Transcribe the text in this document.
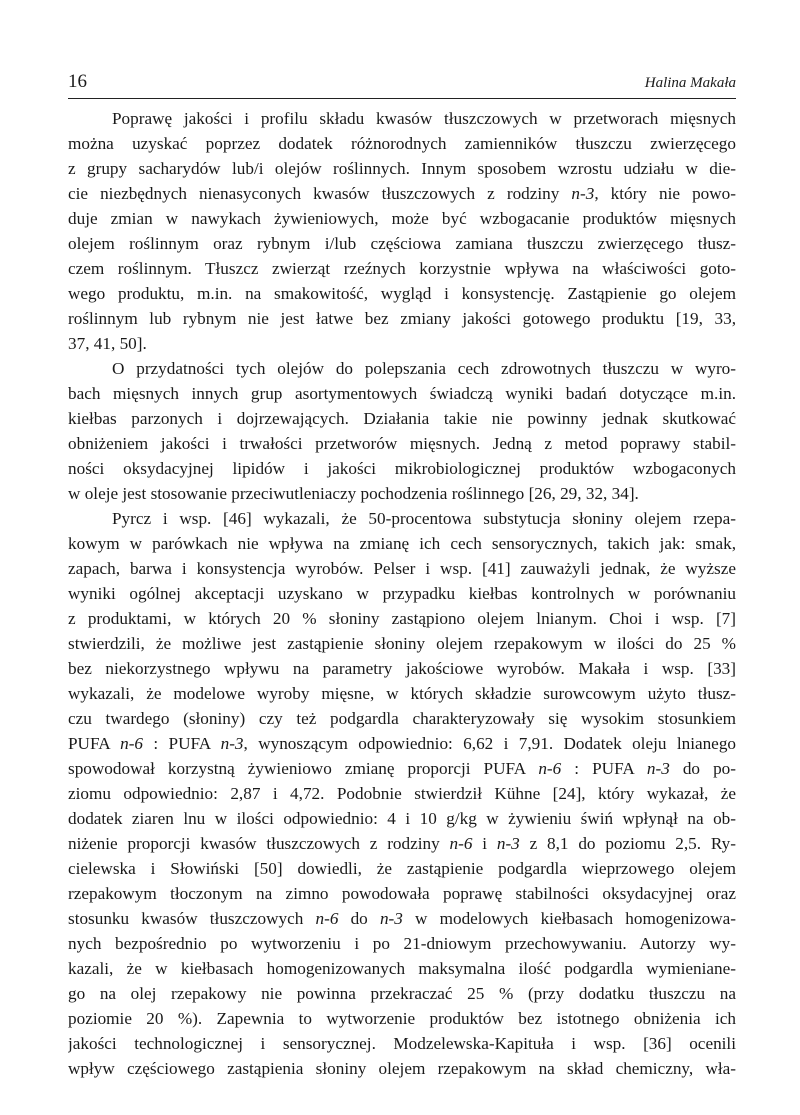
16	Halina Makała

Poprawę jakości i profilu składu kwasów tłuszczowych w przetworach mięsnych
można uzyskać poprzez dodatek różnorodnych zamienników tłuszczu zwierzęcego
z grupy sacharydów lub/i olejów roślinnych. Innym sposobem wzrostu udziału w die-
cie niezbędnych nienasyconych kwasów tłuszczowych z rodziny n-3, który nie powo-
duje zmian w nawykach żywieniowych, może być wzbogacanie produktów mięsnych
olejem roślinnym oraz rybnym i/lub częściowa zamiana tłuszczu zwierzęcego tłusz-
czem roślinnym. Tłuszcz zwierząt rzeźnych korzystnie wpływa na właściwości goto-
wego produktu, m.in. na smakowitość, wygląd i konsystencję. Zastąpienie go olejem
roślinnym lub rybnym nie jest łatwe bez zmiany jakości gotowego produktu [19, 33,
37, 41, 50].

O przydatności tych olejów do polepszania cech zdrowotnych tłuszczu w wyro-
bach mięsnych innych grup asortymentowych świadczą wyniki badań dotyczące m.in.
kiełbas parzonych i dojrzewających. Działania takie nie powinny jednak skutkować
obniżeniem jakości i trwałości przetworów mięsnych. Jedną z metod poprawy stabil-
ności oksydacyjnej lipidów i jakości mikrobiologicznej produktów wzbogaconych
w oleje jest stosowanie przeciwutleniaczy pochodzenia roślinnego [26, 29, 32, 34].

Pyrcz i wsp. [46] wykazali, że 50-procentowa substytucja słoniny olejem rzepa-
kowym w parówkach nie wpływa na zmianę ich cech sensorycznych, takich jak: smak,
zapach, barwa i konsystencja wyrobów. Pelser i wsp. [41] zauważyli jednak, że wyższe
wyniki ogólnej akceptacji uzyskano w przypadku kiełbas kontrolnych w porównaniu
z produktami, w których 20 % słoniny zastąpiono olejem lnianym. Choi i wsp. [7]
stwierdzili, że możliwe jest zastąpienie słoniny olejem rzepakowym w ilości do 25 %
bez niekorzystnego wpływu na parametry jakościowe wyrobów. Makała i wsp. [33]
wykazali, że modelowe wyroby mięsne, w których składzie surowcowym użyto tłusz-
czu twardego (słoniny) czy też podgardla charakteryzowały się wysokim stosunkiem
PUFA n-6 : PUFA n-3, wynoszącym odpowiednio: 6,62 i 7,91. Dodatek oleju lnianego
spowodował korzystną żywieniowo zmianę proporcji PUFA n-6 : PUFA n-3 do po-
ziomu odpowiednio: 2,87 i 4,72. Podobnie stwierdził Kühne [24], który wykazał, że
dodatek ziaren lnu w ilości odpowiednio: 4 i 10 g/kg w żywieniu świń wpłynął na ob-
niżenie proporcji kwasów tłuszczowych z rodziny n-6 i n-3 z 8,1 do poziomu 2,5. Ry-
cielewska i Słowiński [50] dowiedli, że zastąpienie podgardla wieprzowego olejem
rzepakowym tłoczonym na zimno powodowała poprawę stabilności oksydacyjnej oraz
stosunku kwasów tłuszczowych n-6 do n-3 w modelowych kiełbasach homogenizowa-
nych bezpośrednio po wytworzeniu i po 21-dniowym przechowywaniu. Autorzy wy-
kazali, że w kiełbasach homogenizowanych maksymalna ilość podgardla wymieniane-
go na olej rzepakowy nie powinna przekraczać 25 % (przy dodatku tłuszczu na
poziomie 20 %). Zapewnia to wytworzenie produktów bez istotnego obniżenia ich
jakości technologicznej i sensorycznej. Modzelewska-Kapituła i wsp. [36] ocenili
wpływ częściowego zastąpienia słoniny olejem rzepakowym na skład chemiczny, wła-
